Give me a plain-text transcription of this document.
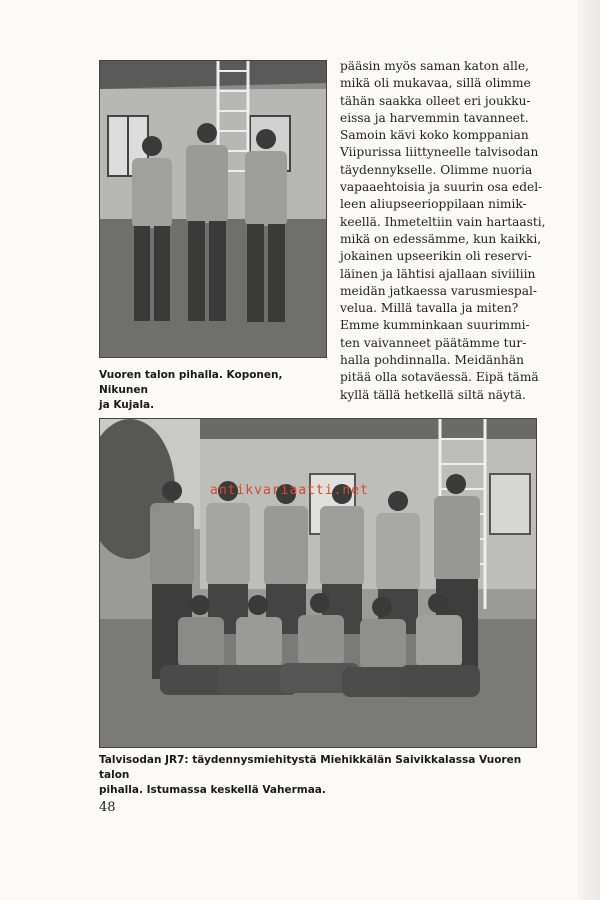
Vuoren talon pihalla. Koponen, Nikunen
ja Kujala.
pääsin myös saman katon alle,
mikä oli mukavaa, sillä olimme
tähän saakka olleet eri joukku-
eissa ja harvemmin tavanneet.
Samoin kävi koko komppanian
Viipurissa liittyneelle talvisodan
täydennykselle. Olimme nuoria
vapaaehtoisia ja suurin osa edel-
leen aliupseerioppilaan nimik-
keellä. Ihmeteltiin vain hartaasti,
mikä on edessämme, kun kaikki,
jokainen upseerikin oli reservi-
läinen ja lähtisi ajallaan siviiliin
meidän jatkaessa varusmiespal-
velua. Millä tavalla ja miten?
Emme kumminkaan suurimmi-
ten vaivanneet päätämme tur-
halla pohdinnalla. Meidänhän
pitää olla sotaväessä. Eipä tämä
kyllä tällä hetkellä siltä näytä.
antikvariaatti.net
Talvisodan JR7: täydennysmiehitystä Miehikkälän Saivikkalassa Vuoren talon
pihalla. Istumassa keskellä Vahermaa.
48
